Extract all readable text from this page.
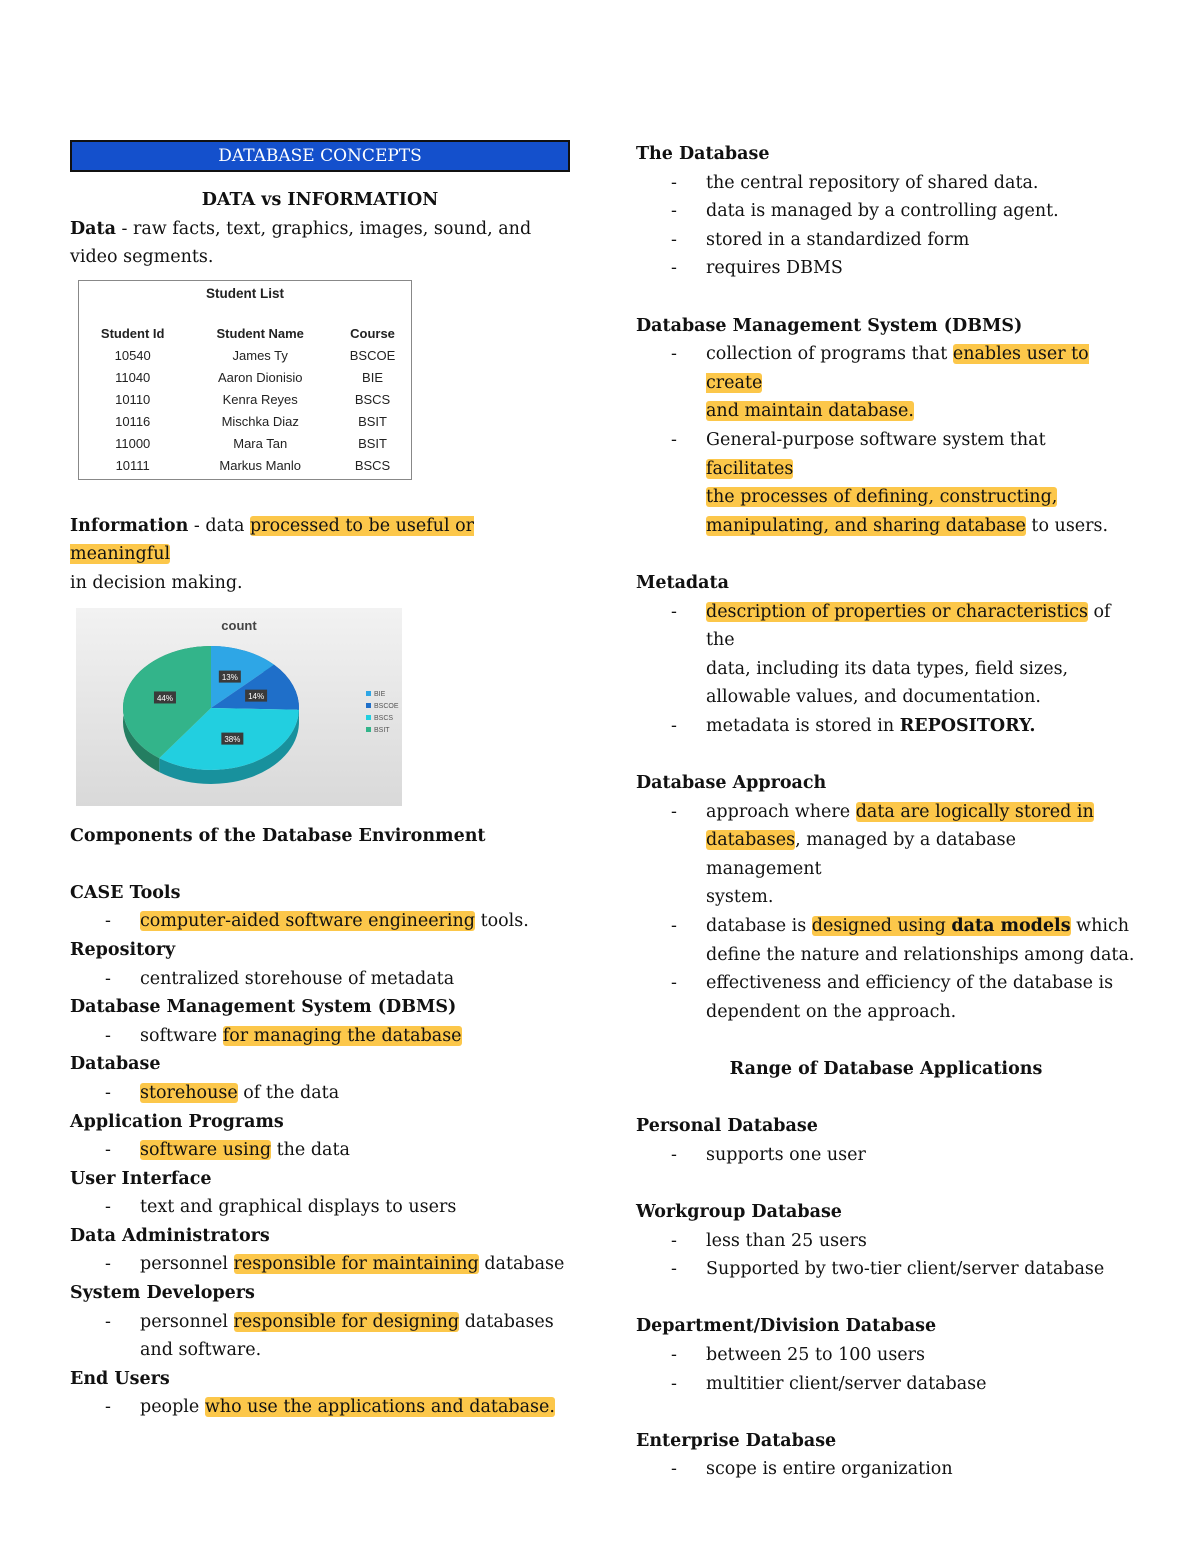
DATABASE CONCEPTS
DATA vs INFORMATION
Data - raw facts, text, graphics, images, sound, and
video segments.
Student List		

Student Id	Student Name	Course
10540	James Ty	BSCOE
11040	Aaron Dionisio	BIE
10110	Kenra Reyes	BSCS
10116	Mischka Diaz	BSIT
11000	Mara Tan	BSIT
10111	Markus Manlo	BSCS
Information - data processed to be useful or meaningful
in decision making.
count
13%
14%
38%
44%	BIE
BSCOE
BSCS
BSIT
Components of the Database Environment
CASE Tools
- computer-aided software engineering tools.
Repository
- centralized storehouse of metadata
Database Management System (DBMS)
- software for managing the database
Database
- storehouse of the data
Application Programs
- software using the data
User Interface
- text and graphical displays to users
Data Administrators
- personnel responsible for maintaining database
System Developers
- personnel responsible for designing databases
and software.
End Users
- people who use the applications and database.
The Database
- the central repository of shared data.
- data is managed by a controlling agent.
- stored in a standardized form
- requires DBMS
Database Management System (DBMS)
- collection of programs that enables user to create
and maintain database.
- General-purpose software system that facilitates
the processes of defining, constructing,
manipulating, and sharing database to users.
Metadata
- description of properties or characteristics of the
data, including its data types, field sizes,
allowable values, and documentation.
- metadata is stored in REPOSITORY.
Database Approach
- approach where data are logically stored in
databases, managed by a database management
system.
- database is designed using data models which
define the nature and relationships among data.
- effectiveness and efficiency of the database is
dependent on the approach.
Range of Database Applications
Personal Database
- supports one user
Workgroup Database
- less than 25 users
- Supported by two-tier client/server database
Department/Division Database
- between 25 to 100 users
- multitier client/server database
Enterprise Database
- scope is entire organization
